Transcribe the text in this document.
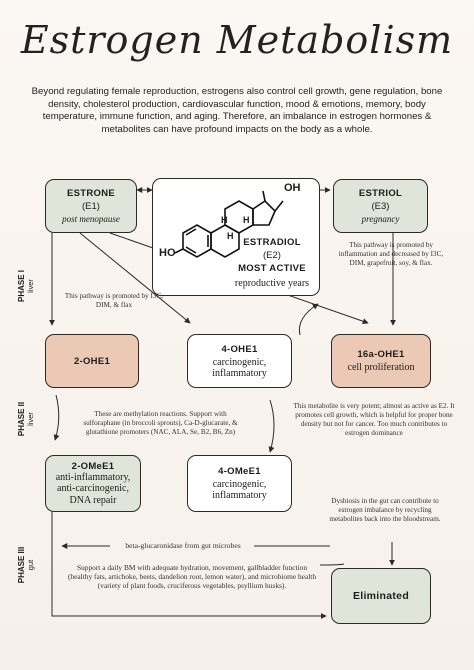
Estrogen Metabolism
Beyond regulating female reproduction, estrogens also control cell growth, gene regulation, bone density, cholesterol production, cardiovascular function, mood & emotions, memory, body temperature, immune function, and aging. Therefore, an imbalance in estrogen hormones & metabolites can have profound impacts on the body as a whole.
PHASE I liver
PHASE II liver
PHASE III gut
ESTRONE
(E1)
post menopause
OH
HO
H
H
H
ESTRADIOL
(E2)
MOST ACTIVE
reproductive years
ESTRIOL
(E3)
pregnancy
This pathway is promoted by inflammation and decreased by I3C, DIM, grapefruit, soy, & flax.
This pathway is promoted by I3C, DIM, & flax
2-OHE1
4-OHE1
carcinogenic, inflammatory
16a-OHE1
cell proliferation
These are methylation reactions. Support with sulforaphane (in broccoli sprouts), Ca-D-glucarate, & glutathione promoters (NAC, ALA, Se, B2, B6, Zn)
This metabolite is very potent; almost as active as E2. It promotes cell growth, which is helpful for proper bone density but not for cancer. Too much contributes to estrogen dominance
2-OMeE1
anti-inflammatory, anti-carcinogenic, DNA repair
4-OMeE1
carcinogenic, inflammatory	Dysbiosis in the gut can contribute to estrogen imbalance by recycling metabolites back into the bloodstream.
beta-glucaronidase from gut microbes
Support a daily BM with adequate hydration, movement, gallbladder function (healthy fats, artichoke, beets, dandelion root, lemon water), and microbiome health (variety of plant foods, cruciferous vegetables, psyllium husks).
Eliminated
